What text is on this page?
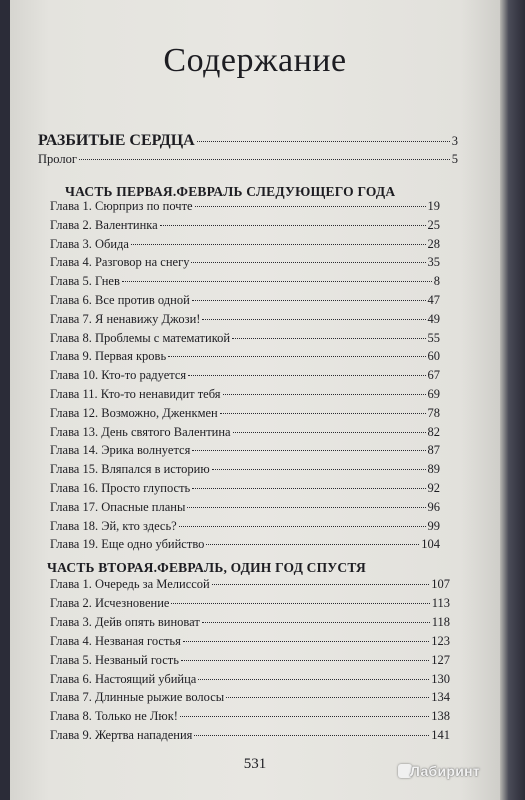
Содержание
РАЗБИТЫЕ СЕРДЦА	3
Пролог	5
ЧАСТЬ ПЕРВАЯ.ФЕВРАЛЬ СЛЕДУЮЩЕГО ГОДА
Глава 1. Сюрприз по почте	19
Глава 2. Валентинка	25
Глава 3. Обида	28
Глава 4. Разговор на снегу	35
Глава 5. Гнев	8
Глава 6. Все против одной	47
Глава 7. Я ненавижу Джози!	49
Глава 8. Проблемы с математикой	55
Глава 9. Первая кровь	60
Глава 10. Кто-то радуется	67
Глава 11. Кто-то ненавидит тебя	69
Глава 12. Возможно, Дженкмен	78
Глава 13. День святого Валентина	82
Глава 14. Эрика волнуется	87
Глава 15. Вляпался в историю	89
Глава 16. Просто глупость	92
Глава 17. Опасные планы	96
Глава 18. Эй, кто здесь?	99
Глава 19. Еще одно убийство	104
ЧАСТЬ ВТОРАЯ.ФЕВРАЛЬ, ОДИН ГОД СПУСТЯ
Глава 1. Очередь за Мелиссой	107
Глава 2. Исчезновение	113
Глава 3. Дейв опять виноват	118
Глава 4. Незваная гостья	123
Глава 5. Незваный гость	127
Глава 6. Настоящий убийца	130
Глава 7. Длинные рыжие волосы	134
Глава 8. Только не Люк!	138
Глава 9. Жертва нападения	141
531	Лабиринт
